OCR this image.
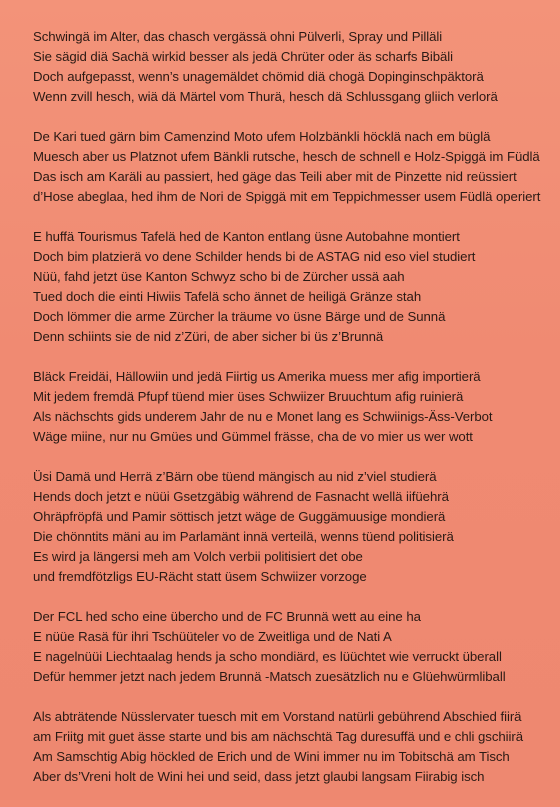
Schwingä im Alter, das chasch vergässä ohni Pülverli, Spray und Pilläli
Sie sägid diä Sachä wirkid besser als jedä Chrüter oder äs scharfs Bibäli
Doch aufgepasst, wenn’s unagemäldet chömid diä chogä Dopinginschpäktorä
Wenn zvill hesch, wiä dä Märtel vom Thurä, hesch dä Schlussgang gliich verlorä
De Kari tued gärn bim Camenzind Moto ufem Holzbänkli höcklä nach em büglä
Muesch aber us Platznot ufem Bänkli rutsche, hesch de schnell e Holz-Spiggä im Füdlä
Das isch am Karäli au passiert, hed gäge das Teili aber mit de Pinzette nid reüssiert
d’Hose abeglaa, hed ihm de Nori de Spiggä mit em Teppichmesser usem Füdlä operiert
E huffä Tourismus Tafelä hed de Kanton entlang üsne Autobahne montiert
Doch bim platzierä vo dene Schilder hends bi de ASTAG nid eso viel studiert
Nüü, fahd jetzt üse Kanton Schwyz scho bi de Zürcher ussä aah
Tued doch die einti Hiwiis Tafelä scho ännet de heiligä Gränze stah
Doch lömmer die arme Zürcher la träume vo üsne Bärge und de Sunnä
Denn schiints sie de nid z’Züri, de aber sicher bi üs z’Brunnä
Bläck Freidäi, Hällowiin und jedä Fiirtig us Amerika muess mer afig importierä
Mit jedem fremdä Pfupf tüend mier üses Schwiizer Bruuchtum afig ruinierä
Als nächschts gids underem Jahr de nu e Monet lang es Schwiinigs-Äss-Verbot
Wäge miine, nur nu Gmües und Gümmel frässe, cha de vo mier us wer wott
Üsi Damä und Herrä z’Bärn obe tüend mängisch au nid z’viel studierä
Hends doch jetzt e nüüi Gsetzgäbig während de Fasnacht wellä iifüehrä
Ohräpfröpfä und Pamir söttisch jetzt wäge de Guggämuusige mondierä
Die chönntits mäni au im Parlamänt innä verteilä, wenns tüend politisierä
Es wird ja längersi meh am Volch verbii politisiert det obe
und fremdfötzligs EU-Rächt statt üsem Schwiizer vorzoge
Der FCL hed scho eine übercho und de FC Brunnä wett au eine ha
E nüüe Rasä für ihri Tschüüteler vo de Zweitliga und de Nati A
E nagelnüüi Liechtaalag hends ja scho mondiärd, es lüüchtet wie verruckt überall
Defür hemmer jetzt nach jedem Brunnä -Matsch zuesätzlich nu e Glüehwürmliball
Als abträtende Nüsslervater tuesch mit em Vorstand natürli gebührend Abschied fiirä
am Friitg mit guet ässe starte und bis am nächschtä Tag duresuffä und e chli gschiirä
Am Samschtig Abig höckled de Erich und de Wini immer nu im Tobitschä am Tisch
Aber ds’Vreni holt de Wini hei und seid, dass jetzt glaubi langsam Fiirabig isch
